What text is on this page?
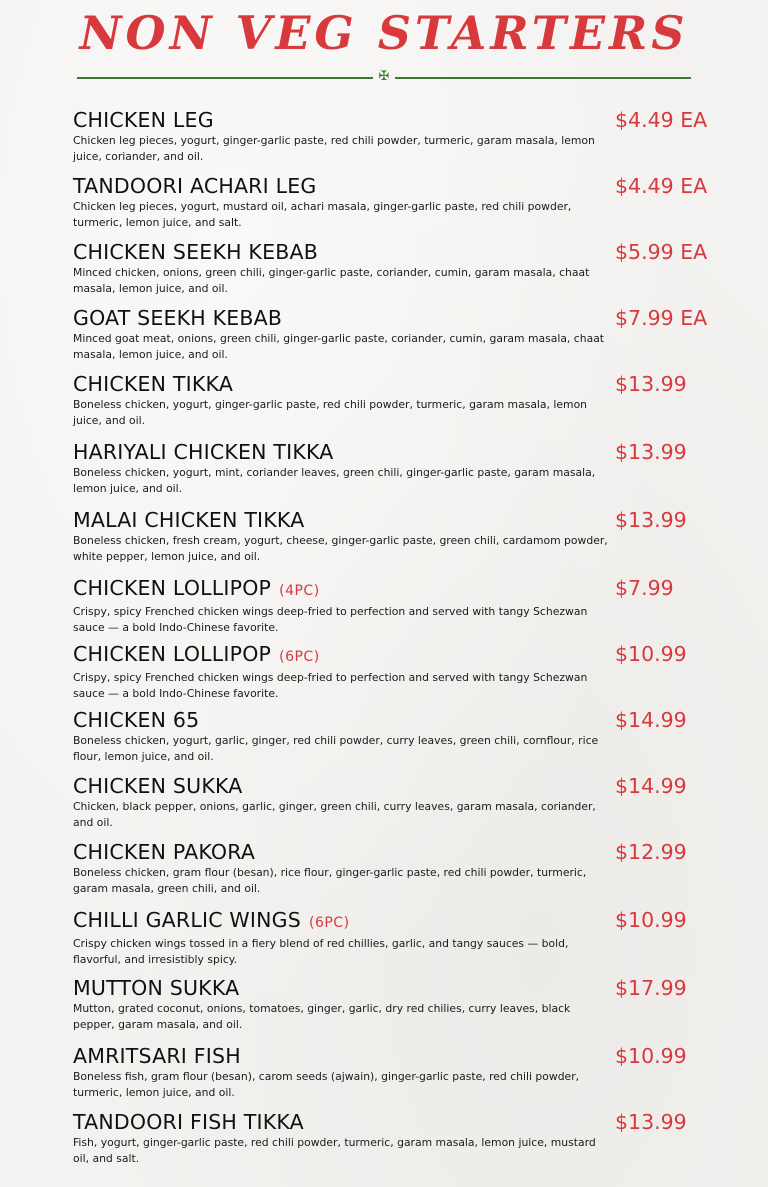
NON VEG STARTERS
✠
CHICKEN LEG
Chicken leg pieces, yogurt, ginger-garlic paste, red chili powder, turmeric, garam masala, lemon juice, coriander, and oil.
$4.49 EA
TANDOORI ACHARI LEG
Chicken leg pieces, yogurt, mustard oil, achari masala, ginger-garlic paste, red chili powder, turmeric, lemon juice, and salt.
$4.49 EA
CHICKEN SEEKH KEBAB
Minced chicken, onions, green chili, ginger-garlic paste, coriander, cumin, garam masala, chaat masala, lemon juice, and oil.
$5.99 EA
GOAT SEEKH KEBAB
Minced goat meat, onions, green chili, ginger-garlic paste, coriander, cumin, garam masala, chaat masala, lemon juice, and oil.
$7.99 EA
CHICKEN TIKKA
Boneless chicken, yogurt, ginger-garlic paste, red chili powder, turmeric, garam masala, lemon juice, and oil.
$13.99
HARIYALI CHICKEN TIKKA
Boneless chicken, yogurt, mint, coriander leaves, green chili, ginger-garlic paste, garam masala, lemon juice, and oil.
$13.99
MALAI CHICKEN TIKKA
Boneless chicken, fresh cream, yogurt, cheese, ginger-garlic paste, green chili, cardamom powder, white pepper, lemon juice, and oil.
$13.99
CHICKEN LOLLIPOP (4PC)
Crispy, spicy Frenched chicken wings deep-fried to perfection and served with tangy Schezwan sauce — a bold Indo-Chinese favorite.
$7.99
CHICKEN LOLLIPOP (6PC)
Crispy, spicy Frenched chicken wings deep-fried to perfection and served with tangy Schezwan sauce — a bold Indo-Chinese favorite.
$10.99
CHICKEN 65
Boneless chicken, yogurt, garlic, ginger, red chili powder, curry leaves, green chili, cornflour, rice flour, lemon juice, and oil.
$14.99
CHICKEN SUKKA
Chicken, black pepper, onions, garlic, ginger, green chili, curry leaves, garam masala, coriander, and oil.
$14.99
CHICKEN PAKORA
Boneless chicken, gram flour (besan), rice flour, ginger-garlic paste, red chili powder, turmeric, garam masala, green chili, and oil.
$12.99
CHILLI GARLIC WINGS (6PC)
Crispy chicken wings tossed in a fiery blend of red chillies, garlic, and tangy sauces — bold, flavorful, and irresistibly spicy.
$10.99
MUTTON SUKKA
Mutton, grated coconut, onions, tomatoes, ginger, garlic, dry red chilies, curry leaves, black pepper, garam masala, and oil.
$17.99
AMRITSARI FISH
Boneless fish, gram flour (besan), carom seeds (ajwain), ginger-garlic paste, red chili powder, turmeric, lemon juice, and oil.
$10.99
TANDOORI FISH TIKKA
Fish, yogurt, ginger-garlic paste, red chili powder, turmeric, garam masala, lemon juice, mustard oil, and salt.
$13.99
